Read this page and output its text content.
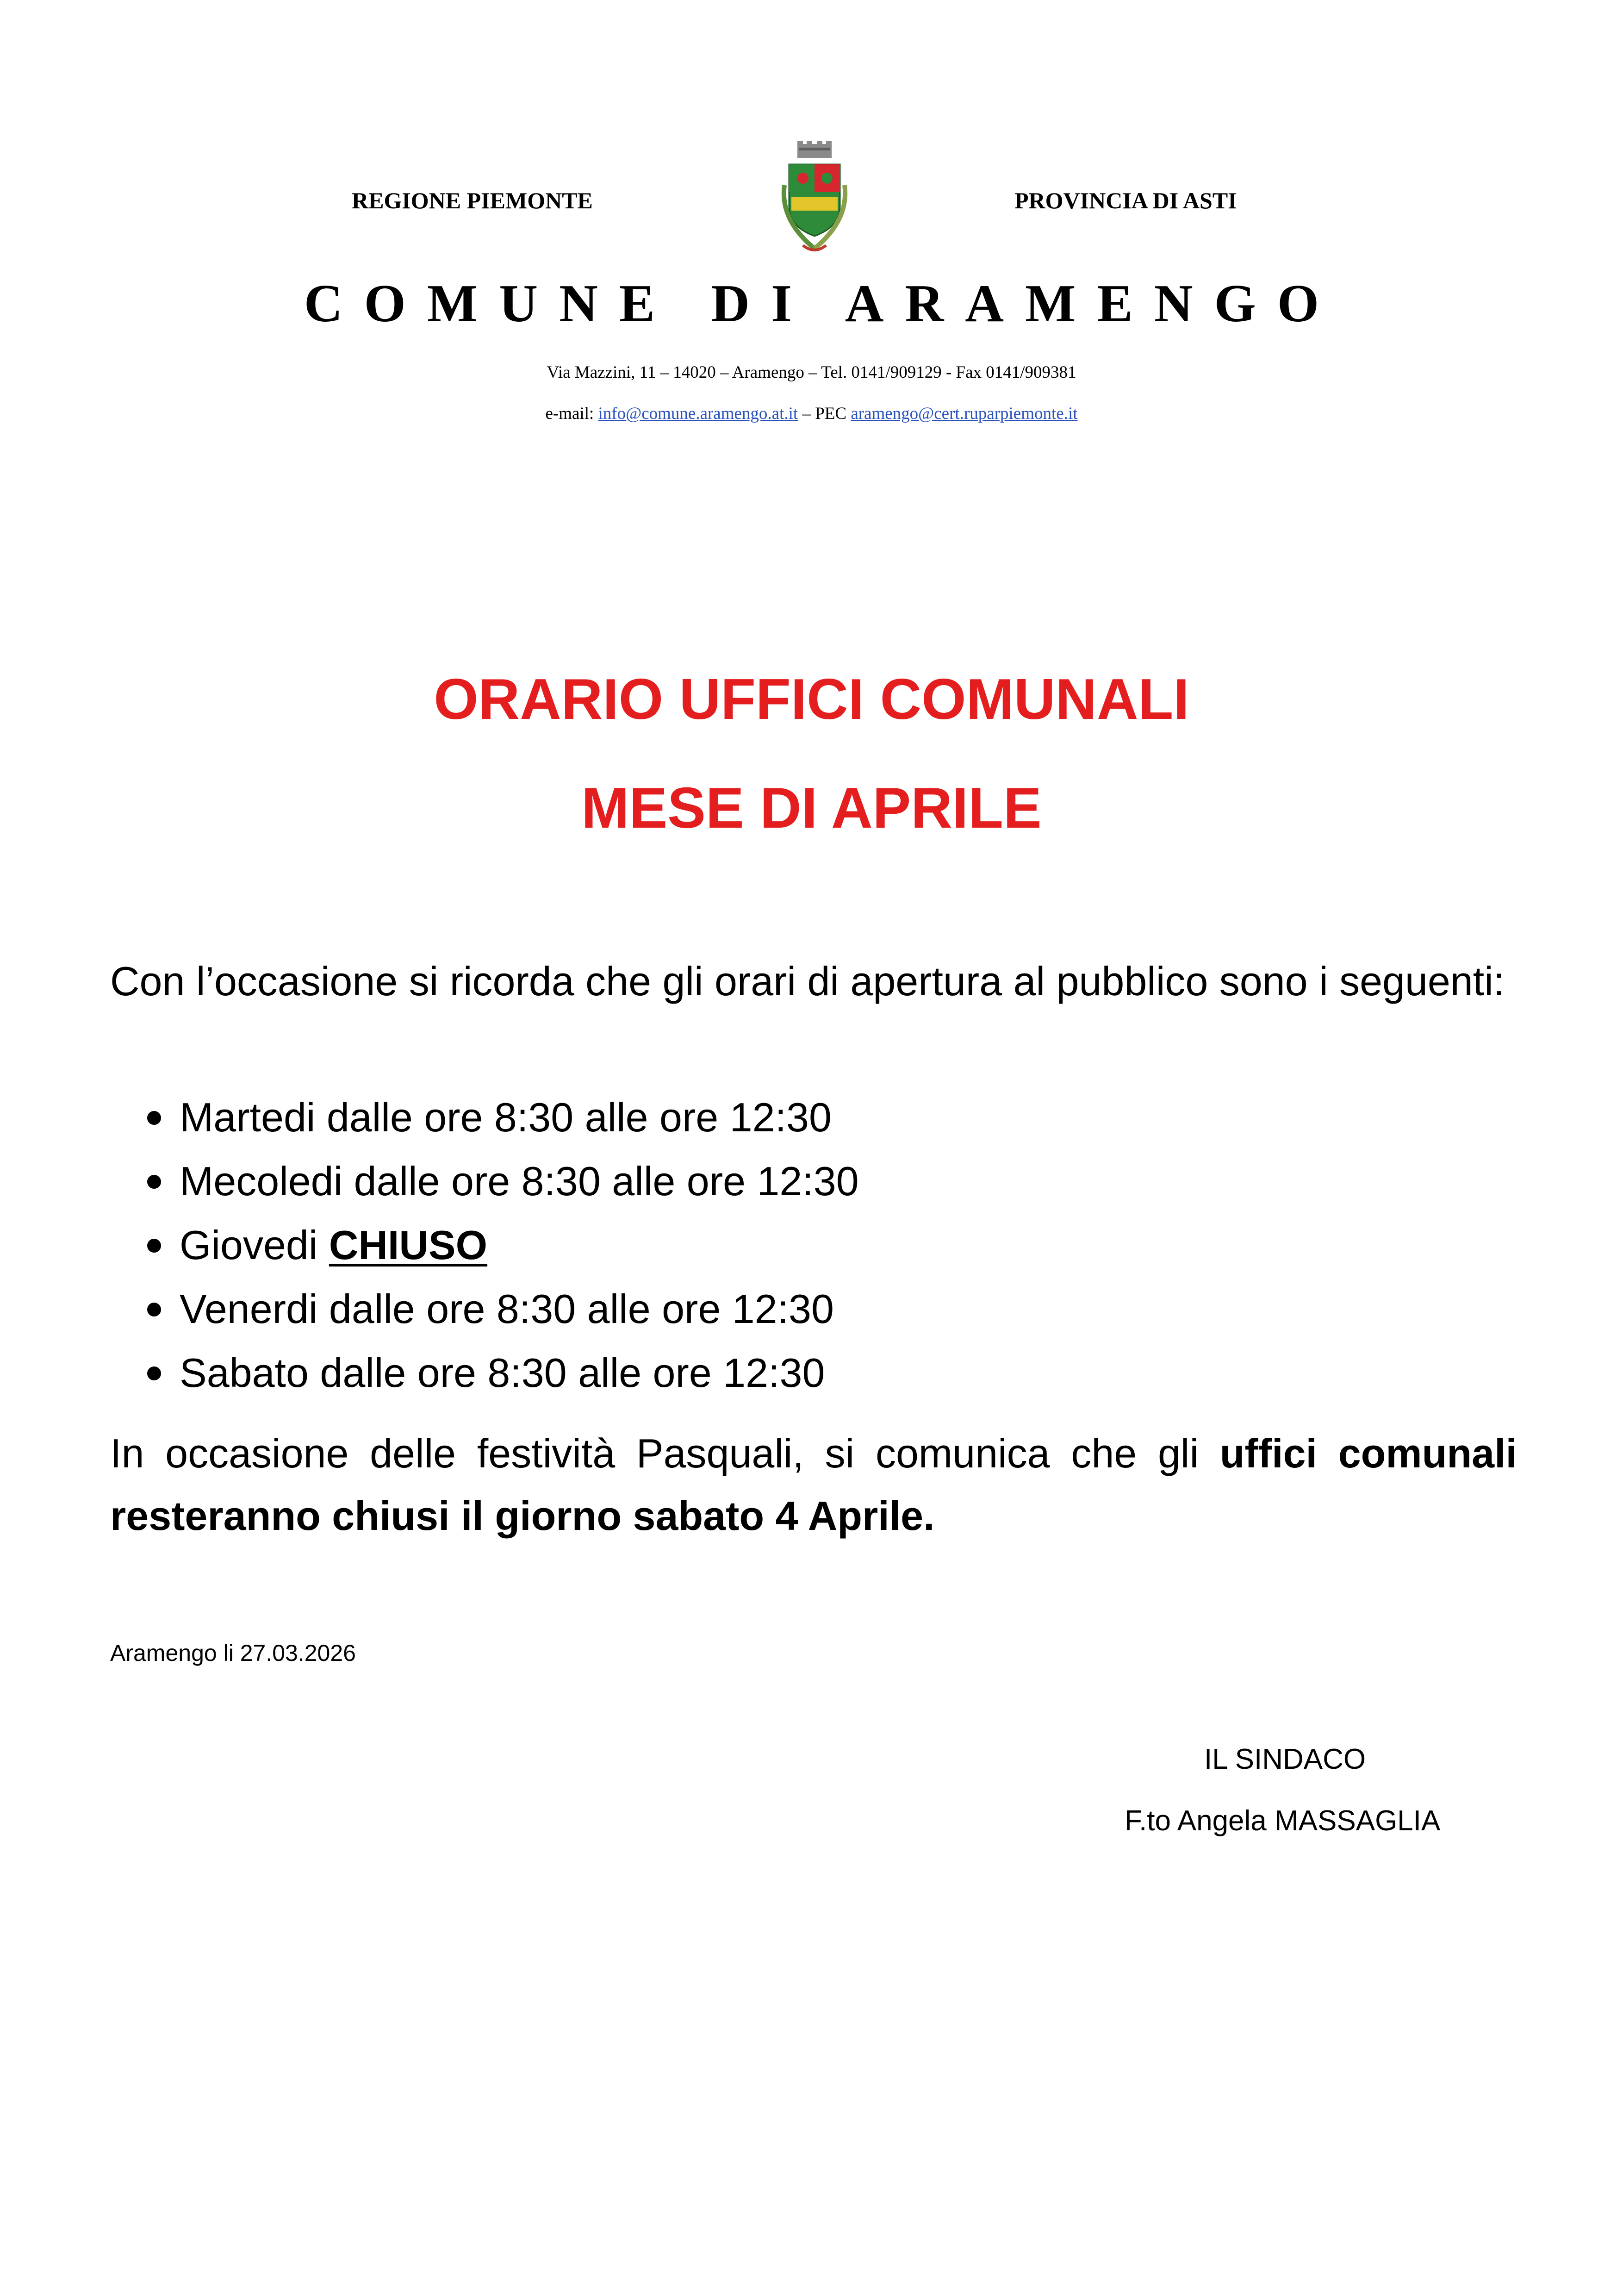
REGIONE PIEMONTE	PROVINCIA DI ASTI
COMUNE DI ARAMENGO
Via Mazzini, 11 – 14020 – Aramengo – Tel. 0141/909129 - Fax 0141/909381
e-mail: info@comune.aramengo.at.it – PEC aramengo@cert.ruparpiemonte.it
ORARIO UFFICI COMUNALI
MESE DI APRILE
Con l’occasione si ricorda che gli orari di apertura al pubblico sono i seguenti:
Martedi dalle ore 8:30 alle ore 12:30
Mecoledi dalle ore 8:30 alle ore 12:30
Giovedi CHIUSO
Venerdi dalle ore 8:30 alle ore 12:30
Sabato dalle ore 8:30 alle ore 12:30
In occasione delle festività Pasquali, si comunica che gli uffici comunali resteranno chiusi il giorno sabato 4 Aprile.
Aramengo li 27.03.2026
IL SINDACO
F.to Angela MASSAGLIA
